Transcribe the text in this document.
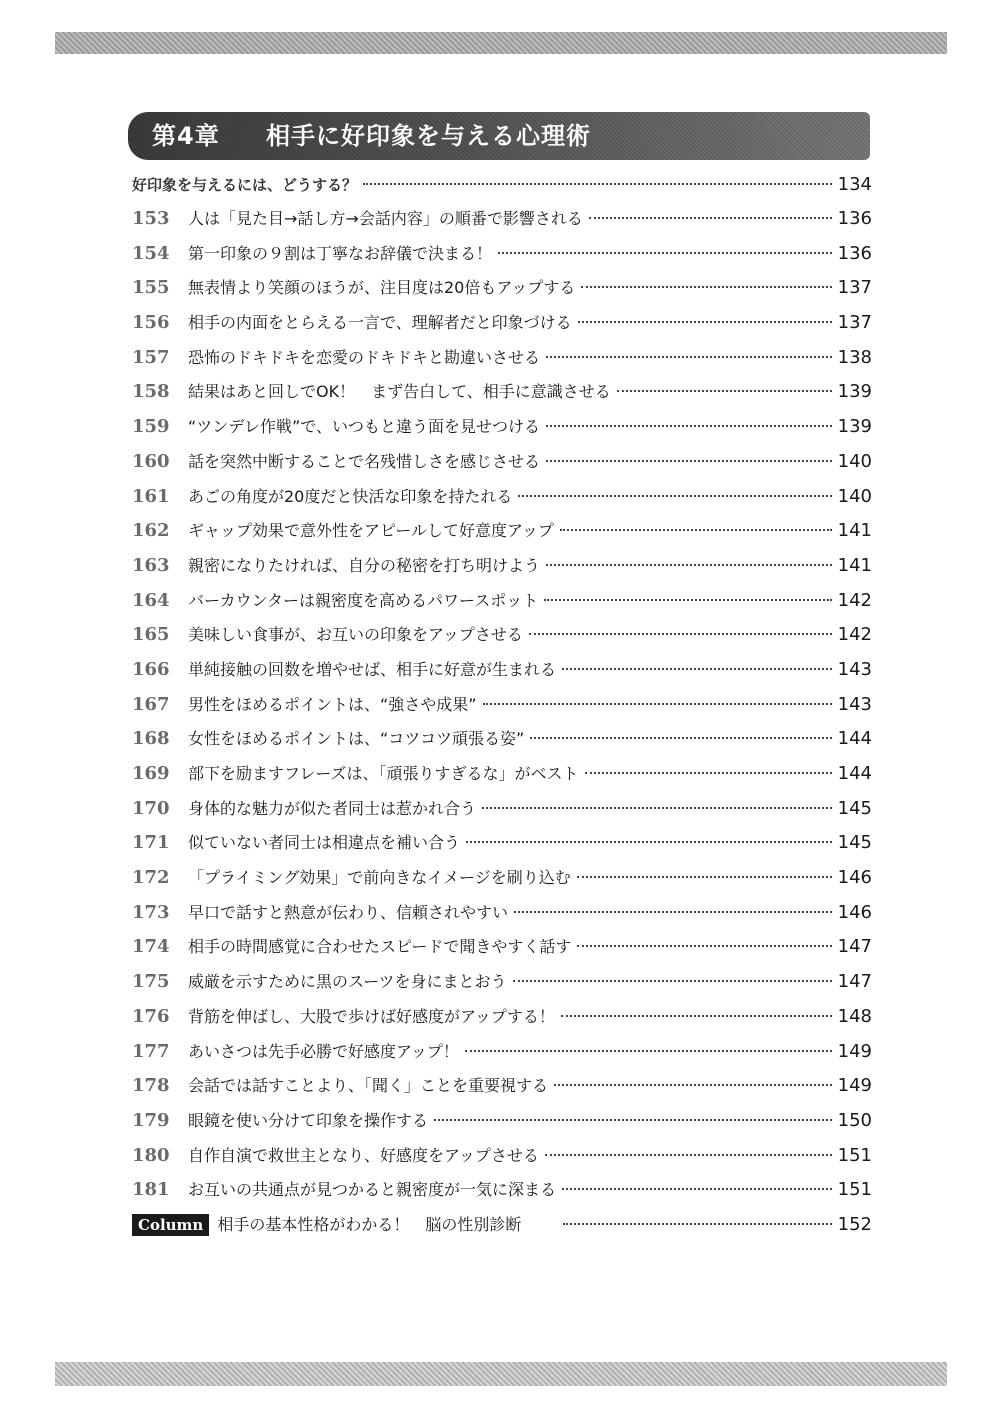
第4章 相手に好印象を与える心理術
好印象を与えるには、どうする？	134
153	人は「見た目→話し方→会話内容」の順番で影響される	136
154	第一印象の９割は丁寧なお辞儀で決まる！	136
155	無表情より笑顔のほうが、注目度は20倍もアップする	137
156	相手の内面をとらえる一言で、理解者だと印象づける	137
157	恐怖のドキドキを恋愛のドキドキと勘違いさせる	138
158	結果はあと回しでOK！　まず告白して、相手に意識させる	139
159	“ツンデレ作戦”で、いつもと違う面を見せつける	139
160	話を突然中断することで名残惜しさを感じさせる	140
161	あごの角度が20度だと快活な印象を持たれる	140
162	ギャップ効果で意外性をアピールして好意度アップ	141
163	親密になりたければ、自分の秘密を打ち明けよう	141
164	バーカウンターは親密度を高めるパワースポット	142
165	美味しい食事が、お互いの印象をアップさせる	142
166	単純接触の回数を増やせば、相手に好意が生まれる	143
167	男性をほめるポイントは、“強さや成果”	143
168	女性をほめるポイントは、“コツコツ頑張る姿”	144
169	部下を励ますフレーズは、「頑張りすぎるな」がベスト	144
170	身体的な魅力が似た者同士は惹かれ合う	145
171	似ていない者同士は相違点を補い合う	145
172	「プライミング効果」で前向きなイメージを刷り込む	146
173	早口で話すと熱意が伝わり、信頼されやすい	146
174	相手の時間感覚に合わせたスピードで聞きやすく話す	147
175	威厳を示すために黒のスーツを身にまとおう	147
176	背筋を伸ばし、大股で歩けば好感度がアップする！	148
177	あいさつは先手必勝で好感度アップ！	149
178	会話では話すことより、「聞く」ことを重要視する	149
179	眼鏡を使い分けて印象を操作する	150
180	自作自演で救世主となり、好感度をアップさせる	151
181	お互いの共通点が見つかると親密度が一気に深まる	151
Column 相手の基本性格がわかる！　脳の性別診断	152
